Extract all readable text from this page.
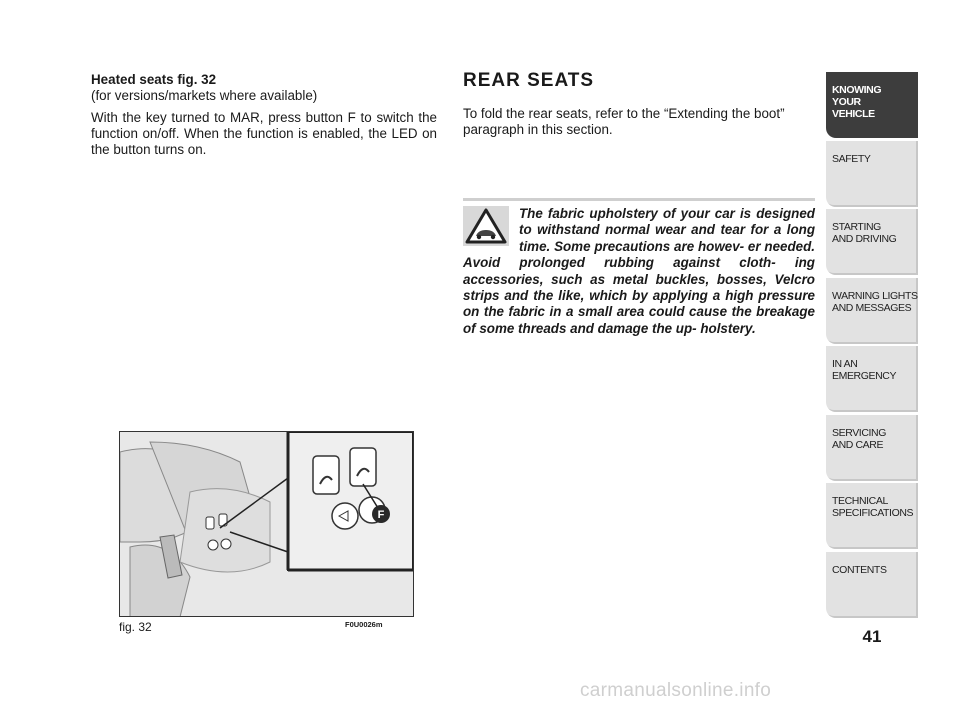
Heated seats fig. 32

(for versions/markets where available)

With the key turned to MAR, press button F to switch the function on/off. When the function is enabled, the LED on the button turns on.

REAR SEATS

To fold the rear seats, refer to the “Extending the boot” paragraph in this section.

The fabric upholstery of your car is designed to withstand normal wear and tear for a long time. Some precautions are howev- er needed. Avoid prolonged rubbing against cloth- ing accessories, such as metal buckles, bosses, Velcro strips and the like, which by applying a high pressure on the fabric in a small area could cause the breakage of some threads and damage the up- holstery.

F
fig. 32	F0U0026m
KNOWING
YOUR
VEHICLE
SAFETY
STARTING
AND DRIVING
WARNING LIGHTS
AND MESSAGES
IN AN
EMERGENCY
SERVICING
AND CARE
TECHNICAL
SPECIFICATIONS
CONTENTS
41
carmanualsonline.info
